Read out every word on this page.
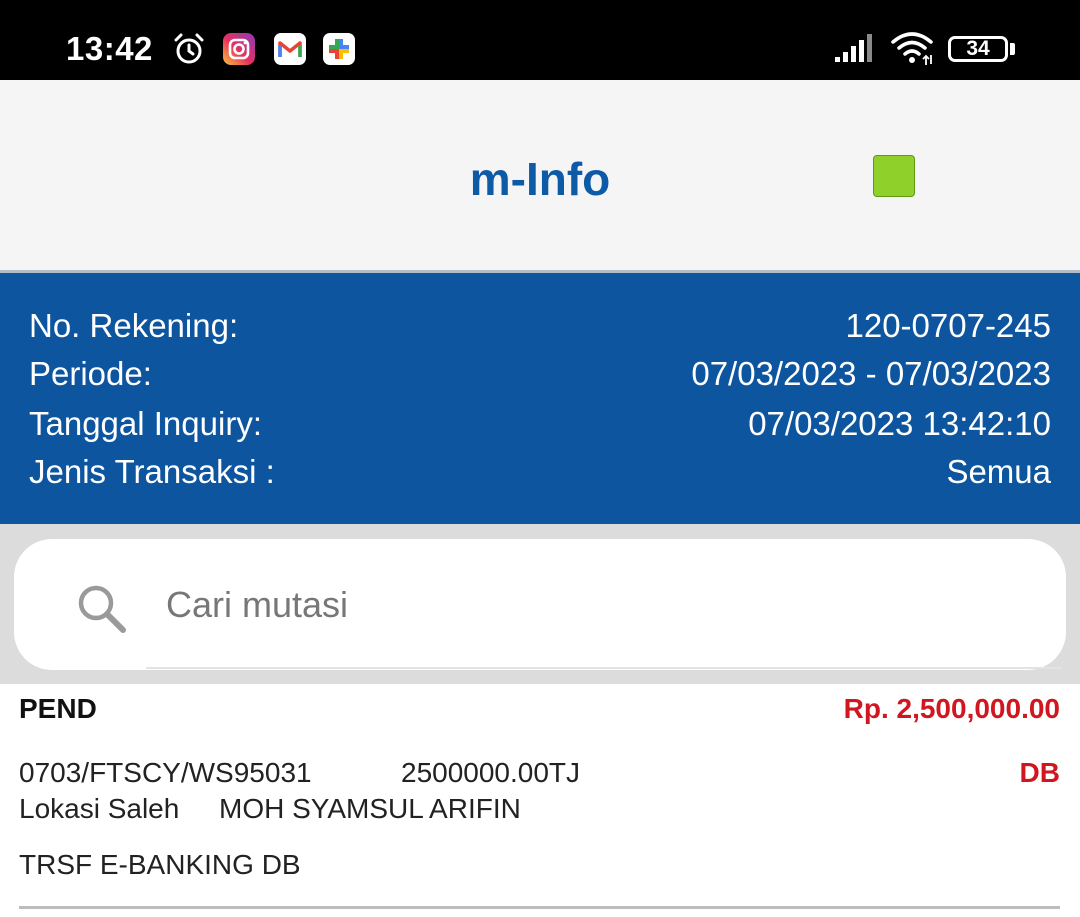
13:42	34
m-Info
No. Rekening:	120-0707-245
Periode:	07/03/2023 - 07/03/2023
Tanggal Inquiry:	07/03/2023 13:42:10
Jenis Transaksi :	Semua
Cari mutasi
PEND	Rp. 2,500,000.00
0703/FTSCY/WS95031	2500000.00TJ	DB
Lokasi Saleh MOH SYAMSUL ARIFIN
TRSF E-BANKING DB
